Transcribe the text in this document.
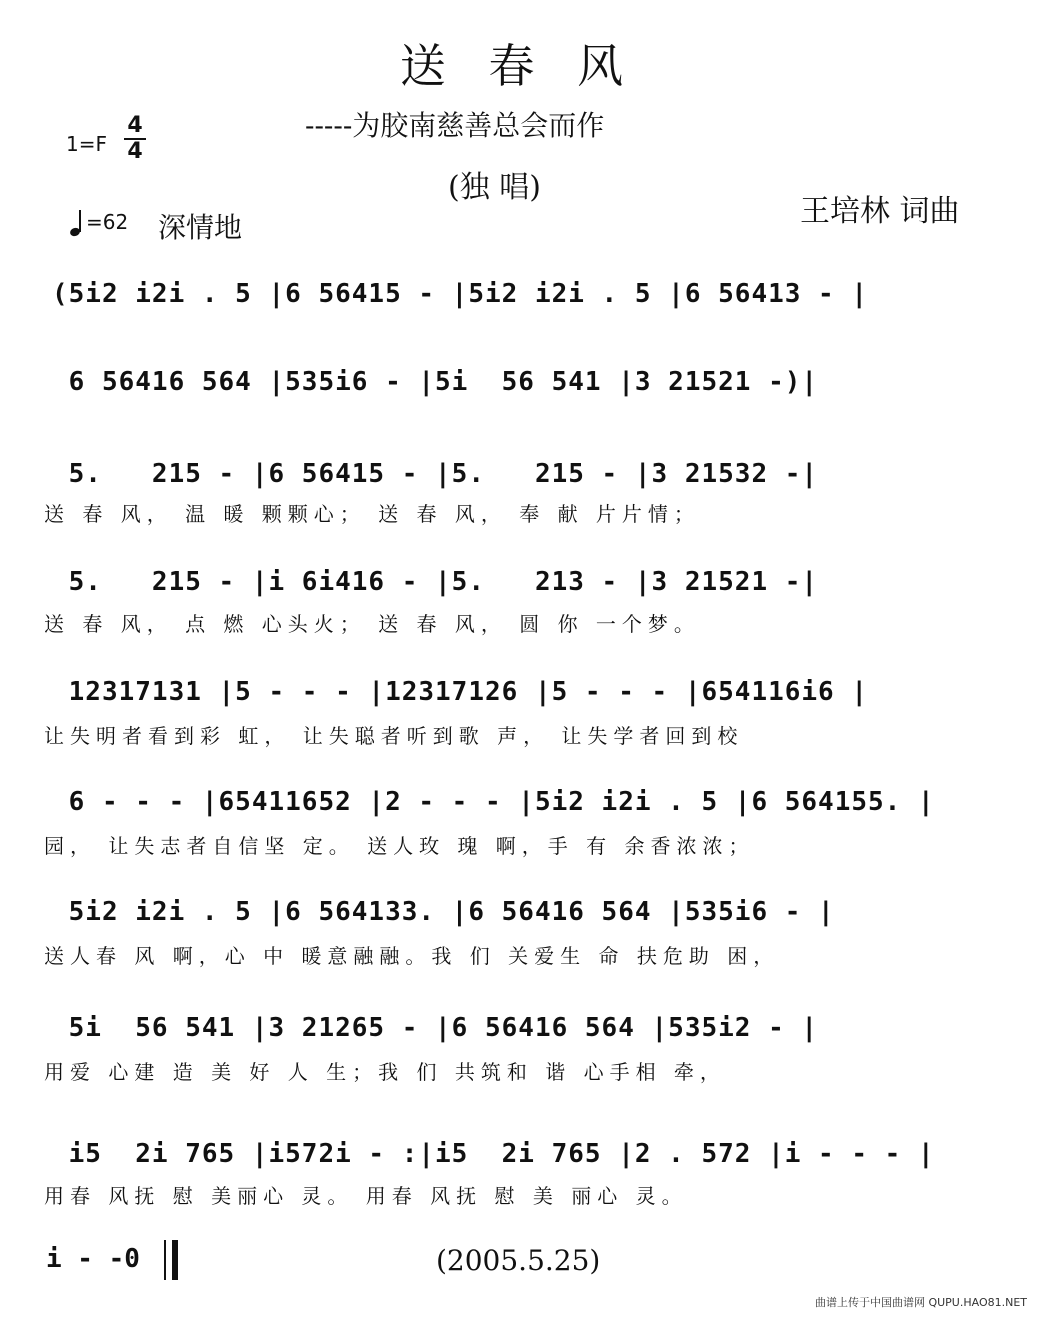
送 春 风
-----为胶南慈善总会而作
(独 唱)
1=F
4
4
=62 深情地	王培林 词曲
(5i2 i2i . 5 |6 56415 - |5i2 i2i . 5 |6 56413 - |
6 56416 564 |535i6 - |5i  56 541 |3 21521 -)|
5.   215 - |6 56415 - |5.   215 - |3 21532 -|
送 春 风， 温 暖 颗颗心； 送 春 风， 奉 献 片片情；
5.   215 - |i 6i416 - |5.   213 - |3 21521 -|
送 春 风， 点 燃 心头火； 送 春 风， 圆 你 一个梦。
12317131 |5 - - - |12317126 |5 - - - |654116i6 |
让失明者看到彩 虹， 让失聪者听到歌 声， 让失学者回到校
6 - - - |65411652 |2 - - - |5i2 i2i . 5 |6 564155. |
园， 让失志者自信坚 定。 送人玫 瑰 啊，手 有 余香浓浓；
5i2 i2i . 5 |6 564133. |6 56416 564 |535i6 - |
送人春 风 啊，心 中 暖意融融。我 们 关爱生 命 扶危助 困，
5i  56 541 |3 21265 - |6 56416 564 |535i2 - |
用爱 心建 造 美 好 人 生；我 们 共筑和 谐 心手相 牵，
i5  2i 765 |i572i - :|i5  2i 765 |2 . 572 |i - - - |
用春 风抚 慰 美丽心 灵。 用春 风抚 慰 美 丽心 灵。
i - -0	(2005.5.25)
曲谱上传于中国曲谱网 QUPU.HAO81.NET
